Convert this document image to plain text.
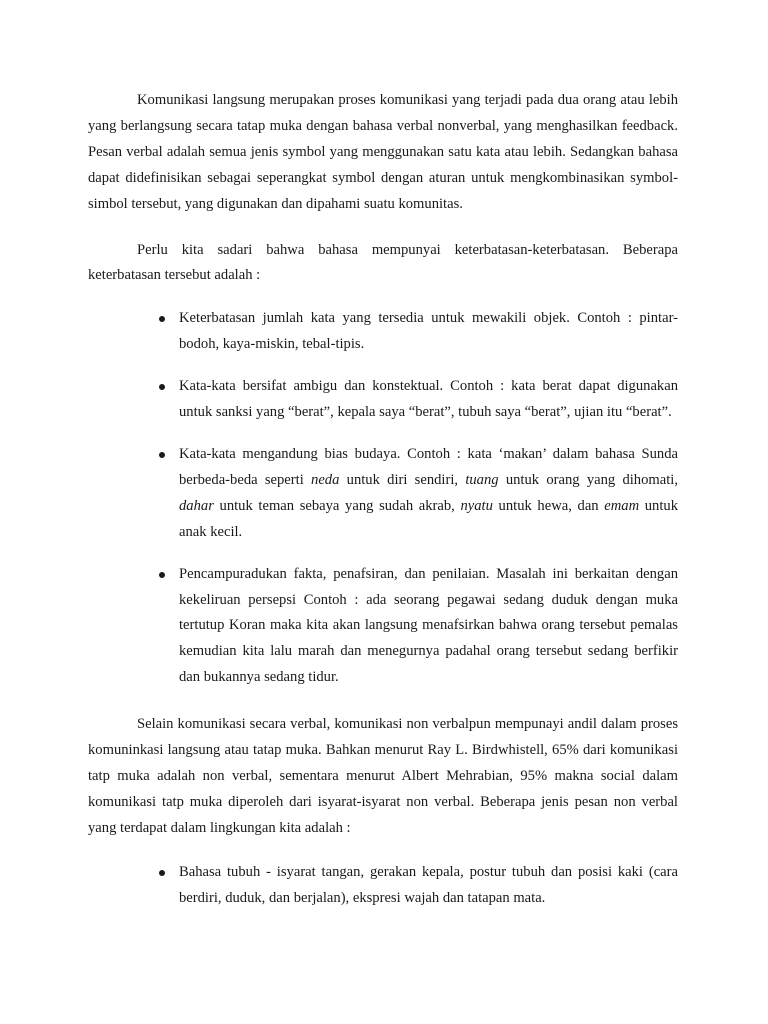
Komunikasi langsung merupakan proses komunikasi yang terjadi pada dua orang atau lebih yang berlangsung secara tatap muka dengan bahasa verbal nonverbal, yang menghasilkan feedback. Pesan verbal adalah semua jenis symbol yang menggunakan satu kata atau lebih. Sedangkan bahasa dapat didefinisikan sebagai seperangkat symbol dengan aturan untuk mengkombinasikan symbol-simbol tersebut, yang digunakan dan dipahami suatu komunitas.

Perlu kita sadari bahwa bahasa mempunyai keterbatasan-keterbatasan. Beberapa keterbatasan tersebut adalah :

Keterbatasan jumlah kata yang tersedia untuk mewakili objek. Contoh : pintar-bodoh, kaya-miskin, tebal-tipis.
Kata-kata bersifat ambigu dan konstektual. Contoh : kata berat dapat digunakan untuk sanksi yang “berat”, kepala saya “berat”, tubuh saya “berat”, ujian itu “berat”.
Kata-kata mengandung bias budaya. Contoh : kata ‘makan’ dalam bahasa Sunda berbeda-beda seperti neda untuk diri sendiri, tuang untuk orang yang dihomati, dahar untuk teman sebaya yang sudah akrab, nyatu untuk hewa, dan emam untuk anak kecil.
Pencampuradukan fakta, penafsiran, dan penilaian. Masalah ini berkaitan dengan kekeliruan persepsi Contoh : ada seorang pegawai sedang duduk dengan muka tertutup Koran maka kita akan langsung menafsirkan bahwa orang tersebut pemalas kemudian kita lalu marah dan menegurnya padahal orang tersebut sedang berfikir dan bukannya sedang tidur.

Selain komunikasi secara verbal, komunikasi non verbalpun mempunayi andil dalam proses komuninkasi langsung atau tatap muka. Bahkan menurut Ray L. Birdwhistell, 65% dari komunikasi tatp muka adalah non verbal, sementara menurut Albert Mehrabian, 95% makna social dalam komunikasi tatp muka diperoleh dari isyarat-isyarat non verbal. Beberapa jenis pesan non verbal yang terdapat dalam lingkungan kita adalah :

Bahasa tubuh - isyarat tangan, gerakan kepala, postur tubuh dan posisi kaki (cara berdiri, duduk, dan berjalan), ekspresi wajah dan tatapan mata.
